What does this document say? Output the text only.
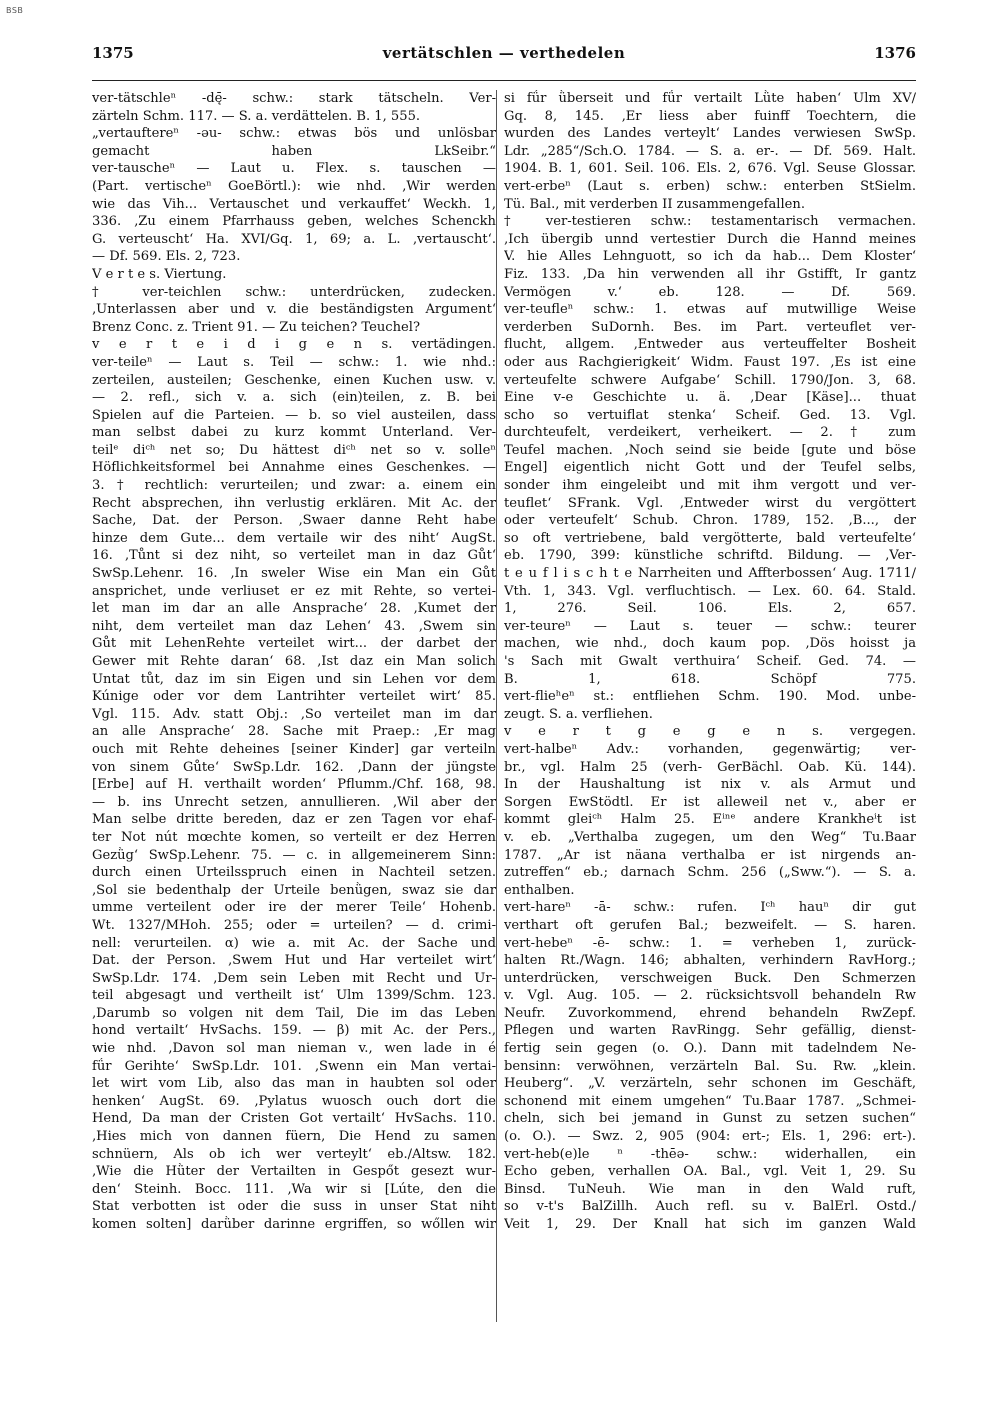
BSB
1375	vertätschlen — verthedelen	1376
ver-tätschleⁿ -dę̄- schw.: stark tätscheln. Ver-
zärteln Schm. 117. — S. a. verdättelen. B. 1, 555.
„vertauftereⁿ -əu- schw.: etwas bös und unlösbar
gemacht haben LkSeibr.“
ver-tauscheⁿ — Laut u. Flex. s. tauschen —
(Part. vertischeⁿ GoeBörtl.): wie nhd. ‚Wir werden
wie das Vih... Vertauschet und verkauffet‘ Weckh. 1,
336. ‚Zu einem Pfarrhauss geben, welches Schenckh
G. verteuscht‘ Ha. XVI/Gq. 1, 69; a. L. ‚vertauscht‘.
— Df. 569. Els. 2, 723.
V e r t e s. Viertung.
† ver-teichlen schw.: unterdrücken, zudecken.
‚Unterlassen aber und v. die beständigsten Argument‘
Brenz Conc. z. Trient 91. — Zu teichen? Teuchel?
v e r t e i d i g e n s. vertädingen.
ver-teileⁿ — Laut s. Teil — schw.: 1. wie nhd.:
zerteilen, austeilen; Geschenke, einen Kuchen usw. v.
— 2. refl., sich v. a. sich (ein)teilen, z. B. bei
Spielen auf die Parteien. — b. so viel austeilen, dass
man selbst dabei zu kurz kommt Unterland. Ver-
teilᵉ diᶜʰ net so; Du hättest diᶜʰ net so v. solleⁿ
Höflichkeitsformel bei Annahme eines Geschenkes. —
3. † rechtlich: verurteilen; und zwar: a. einem ein
Recht absprechen, ihn verlustig erklären. Mit Ac. der
Sache, Dat. der Person. ‚Swaer danne Reht habe
hinze dem Gute... dem vertaile wir des niht‘ AugSt.
16. ‚Tůnt si dez niht, so verteilet man in daz Gůt‘
SwSp.Lehenr. 16. ‚In sweler Wise ein Man ein Gůt
ansprichet, unde verliuset er ez mit Rehte, so vertei-
let man im dar an alle Ansprache‘ 28. ‚Kumet der
niht, dem verteilet man daz Lehen‘ 43. ‚Swem sin
Gůt mit LehenRehte verteilet wirt... der darbet der
Gewer mit Rehte daran‘ 68. ‚Ist daz ein Man solich
Untat tůt, daz im sin Eigen und sin Lehen vor dem
Kúnige oder vor dem Lantrihter verteilet wirt‘ 85.
Vgl. 115. Adv. statt Obj.: ‚So verteilet man im dar
an alle Ansprache‘ 28. Sache mit Praep.: ‚Er mag
ouch mit Rehte deheines [seiner Kinder] gar verteiln
von sinem Gůte‘ SwSp.Ldr. 162. ‚Dann der jüngste
[Erbe] auf H. verthailt worden‘ Pflumm./Chf. 168, 98.
— b. ins Unrecht setzen, annullieren. ‚Wil aber der
Man selbe dritte bereden, daz er zen Tagen vor ehaf-
ter Not nút mœchte komen, so verteilt er dez Herren
Gezǜg‘ SwSp.Lehenr. 75. — c. in allgemeinerem Sinn:
durch einen Urteilsspruch einen in Nachteil setzen.
‚Sol sie bedenthalp der Urteile benǜgen, swaz sie dar
umme verteilent oder ire der merer Teile‘ Hohenb.
Wt. 1327/MHoh. 255; oder = urteilen? — d. crimi-
nell: verurteilen. α) wie a. mit Ac. der Sache und
Dat. der Person. ‚Swem Hut und Har verteilet wirt‘
SwSp.Ldr. 174. ‚Dem sein Leben mit Recht und Ur-
teil abgesagt und vertheilt ist‘ Ulm 1399/Schm. 123.
‚Darumb so volgen nit dem Tail, Die im das Leben
hond vertailt‘ HvSachs. 159. — β) mit Ac. der Pers.,
wie nhd. ‚Davon sol man nieman v., wen lade in é
fǘr Gerihte‘ SwSp.Ldr. 101. ‚Swenn ein Man vertai-
let wirt vom Lib, also das man in haubten sol oder
henken‘ AugSt. 69. ‚Pylatus wuosch ouch dort die
Hend, Da man der Cristen Got vertailt‘ HvSachs. 110.
‚Hies mich von dannen füern, Die Hend zu samen
schnüern, Als ob ich wer verteylt‘ eb./Altsw. 182.
‚Wie die Hǜter der Vertailten in Gespőt gesezt wur-
den‘ Steinh. Bocc. 111. ‚Wa wir si [Lúte, den die
Stat verbotten ist oder die suss in unser Stat niht
komen solten] darǜber darinne ergriffen, so wőllen wir
si fǘr ǜberseit und fǘr vertailt Lǜte haben‘ Ulm XV/
Gq. 8, 145. ‚Er liess aber fuinff Toechtern, die
wurden des Landes verteylt‘ Landes verwiesen SwSp.
Ldr. „285“/Sch.O. 1784. — S. a. er-. — Df. 569. Halt.
1904. B. 1, 601. Seil. 106. Els. 2, 676. Vgl. Seuse Glossar.
vert-erbeⁿ (Laut s. erben) schw.: enterben StSielm.
Tü. Bal., mit verderben II zusammengefallen.
† ver-testieren schw.: testamentarisch vermachen.
‚Ich übergib unnd vertestier Durch die Hannd meines
V. hie Alles Lehnguott, so ich da hab... Dem Kloster‘
Fiz. 133. ‚Da hin verwenden all ihr Gstifft, Ir gantz
Vermögen v.‘ eb. 128. — Df. 569.
ver-teufleⁿ schw.: 1. etwas auf mutwillige Weise
verderben SuDornh. Bes. im Part. verteuflet ver-
flucht, allgem. ‚Entweder aus verteuffelter Bosheit
oder aus Rachgierigkeit‘ Widm. Faust 197. ‚Es ist eine
verteufelte schwere Aufgabe‘ Schill. 1790/Jon. 3, 68.
Eine v-e Geschichte u. ä. ‚Dear [Käse]... thuat
scho so vertuiflat stenka‘ Scheif. Ged. 13. Vgl.
durchteufelt, verdeikert, verheikert. — 2. † zum
Teufel machen. ‚Noch seind sie beide [gute und böse
Engel] eigentlich nicht Gott und der Teufel selbs,
sonder ihm eingeleibt und mit ihm vergott und ver-
teuflet‘ SFrank. Vgl. ‚Entweder wirst du vergöttert
oder verteufelt‘ Schub. Chron. 1789, 152. ‚B..., der
so oft vertriebene, bald vergötterte, bald verteufelte‘
eb. 1790, 399: künstliche schriftd. Bildung. — ‚Ver-
t e u f l i s c h t e Narrheiten und Affterbossen‘ Aug. 1711/
Vth. 1, 343. Vgl. verfluchtisch. — Lex. 60. 64. Stald.
1, 276. Seil. 106. Els. 2, 657.
ver-teureⁿ — Laut s. teuer — schw.: teurer
machen, wie nhd., doch kaum pop. ‚Dös hoisst ja
's Sach mit Gwalt verthuira‘ Scheif. Ged. 74. —
B. 1, 618. Schöpf 775.
vert-flieʰeⁿ st.: entfliehen Schm. 190. Mod. unbe-
zeugt. S. a. verfliehen.
v e r t g e g e n s. vergegen.
vert-halbeⁿ Adv.: vorhanden, gegenwärtig; ver-
br., vgl. Halm 25 (verh- GerBächl. Oab. Kü. 144).
In der Haushaltung ist nix v. als Armut und
Sorgen EwStödtl. Er ist alleweil net v., aber er
kommt gleiᶜʰ Halm 25. Eⁱⁿᵉ andere Krankheⁱt ist
v. eb. „Verthalba zugegen, um den Weg“ Tu.Baar
1787. „Ar ist näana verthalba er ist nirgends an-
zutreffen“ eb.; darnach Schm. 256 („Sww.“). — S. a.
enthalben.
vert-hareⁿ -ā- schw.: rufen. Iᶜʰ hauⁿ dir gut
verthart oft gerufen Bal.; bezweifelt. — S. haren.
vert-hebeⁿ -ē- schw.: 1. = verheben 1, zurück-
halten Rt./Wagn. 146; abhalten, verhindern RavHorg.;
unterdrücken, verschweigen Buck. Den Schmerzen
v. Vgl. Aug. 105. — 2. rücksichtsvoll behandeln Rw
Neufr. Zuvorkommend, ehrend behandeln RwZepf.
Pflegen und warten RavRingg. Sehr gefällig, dienst-
fertig sein gegen (o. O.). Dann mit tadelndem Ne-
bensinn: verwöhnen, verzärteln Bal. Su. Rw. „klein.
Heuberg“. „V. verzärteln, sehr schonen im Geschäft,
schonend mit einem umgehen“ Tu.Baar 1787. „Schmei-
cheln, sich bei jemand in Gunst zu setzen suchen“
(o. O.). — Swz. 2, 905 (904: ert-; Els. 1, 296: ert-).
vert-heb(e)le ⁿ -thēə- schw.: widerhallen, ein
Echo geben, verhallen OA. Bal., vgl. Veit 1, 29. Su
Binsd. TuNeuh. Wie man in den Wald ruft,
so v-t's BalZillh. Auch refl. su v. BalErl. Ostd./
Veit 1, 29. Der Knall hat sich im ganzen Wald
